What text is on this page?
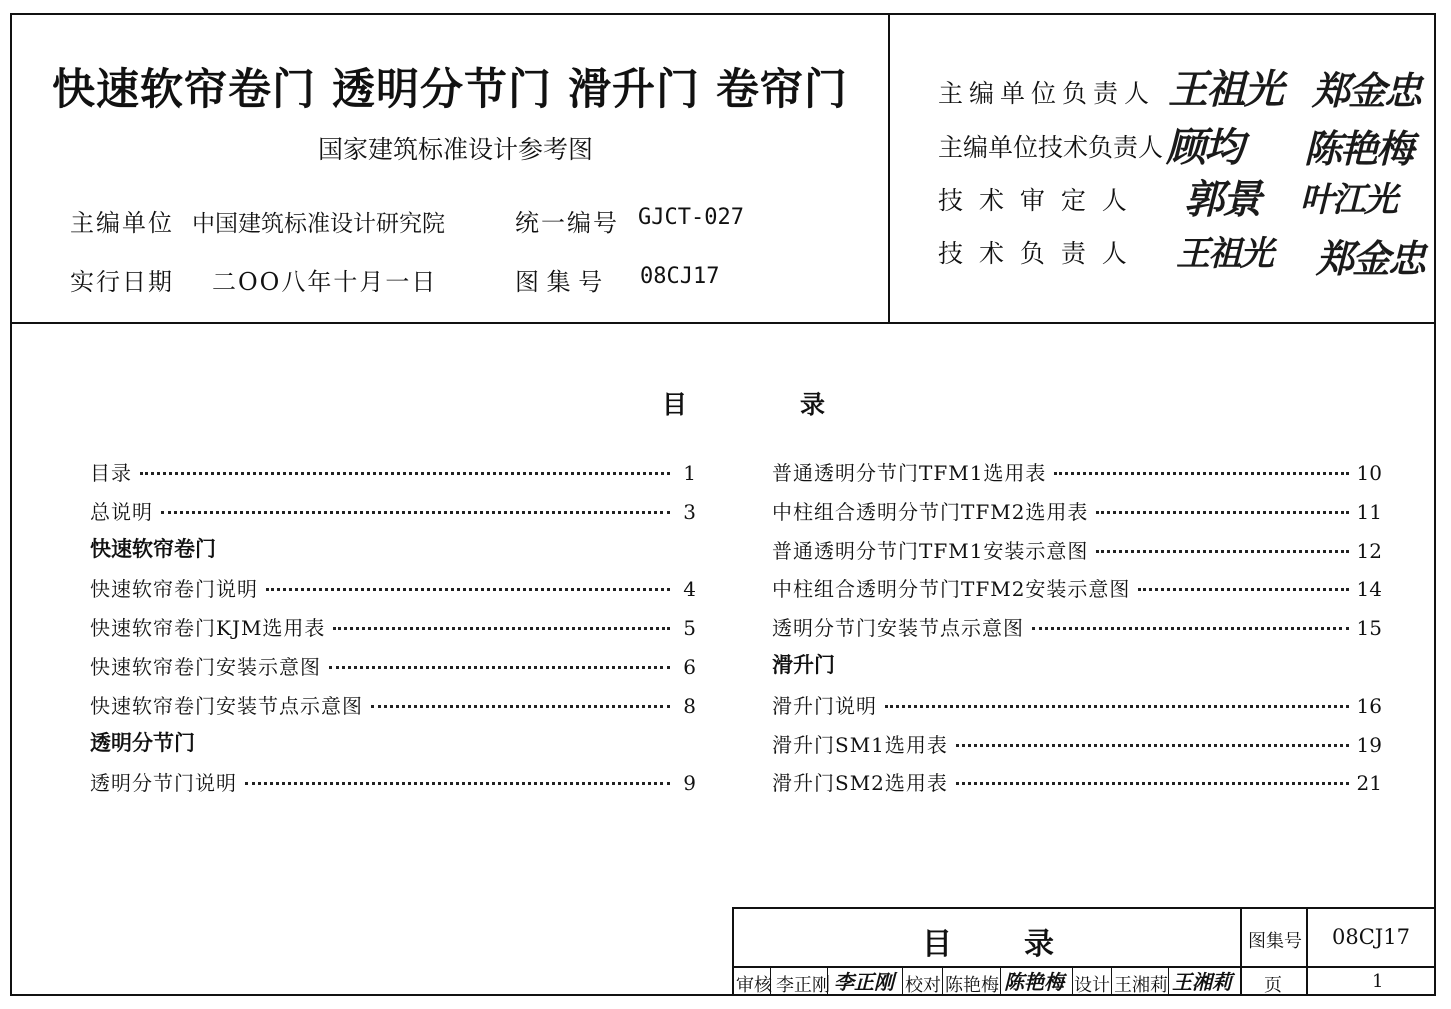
快速软帘卷门 透明分节门 滑升门 卷帘门
国家建筑标准设计参考图
主编单位 中国建筑标准设计研究院	统一编号 GJCT-027
实行日期 二OO八年十月一日	图 集 号 08CJ17
主编单位负责人 王祖光 郑金忠
主编单位技术负责人 顾均 陈艳梅
技 术 审 定 人 郭景 叶江光
技 术 负 责 人 王祖光 郑金忠
目	录
目录	1
总说明	3
快速软帘卷门
快速软帘卷门说明	4
快速软帘卷门KJM选用表	5
快速软帘卷门安装示意图	6
快速软帘卷门安装节点示意图	8
透明分节门
透明分节门说明	9
普通透明分节门TFM1选用表	10
中柱组合透明分节门TFM2选用表	11
普通透明分节门TFM1安装示意图	12
中柱组合透明分节门TFM2安装示意图	14
透明分节门安装节点示意图	15
滑升门
滑升门说明	16
滑升门SM1选用表	19
滑升门SM2选用表	21
目 录	图集号 08CJ17
审核 李正刚 李正刚 校对 陈艳梅 陈艳梅 设计 王湘莉 王湘莉 页	1
